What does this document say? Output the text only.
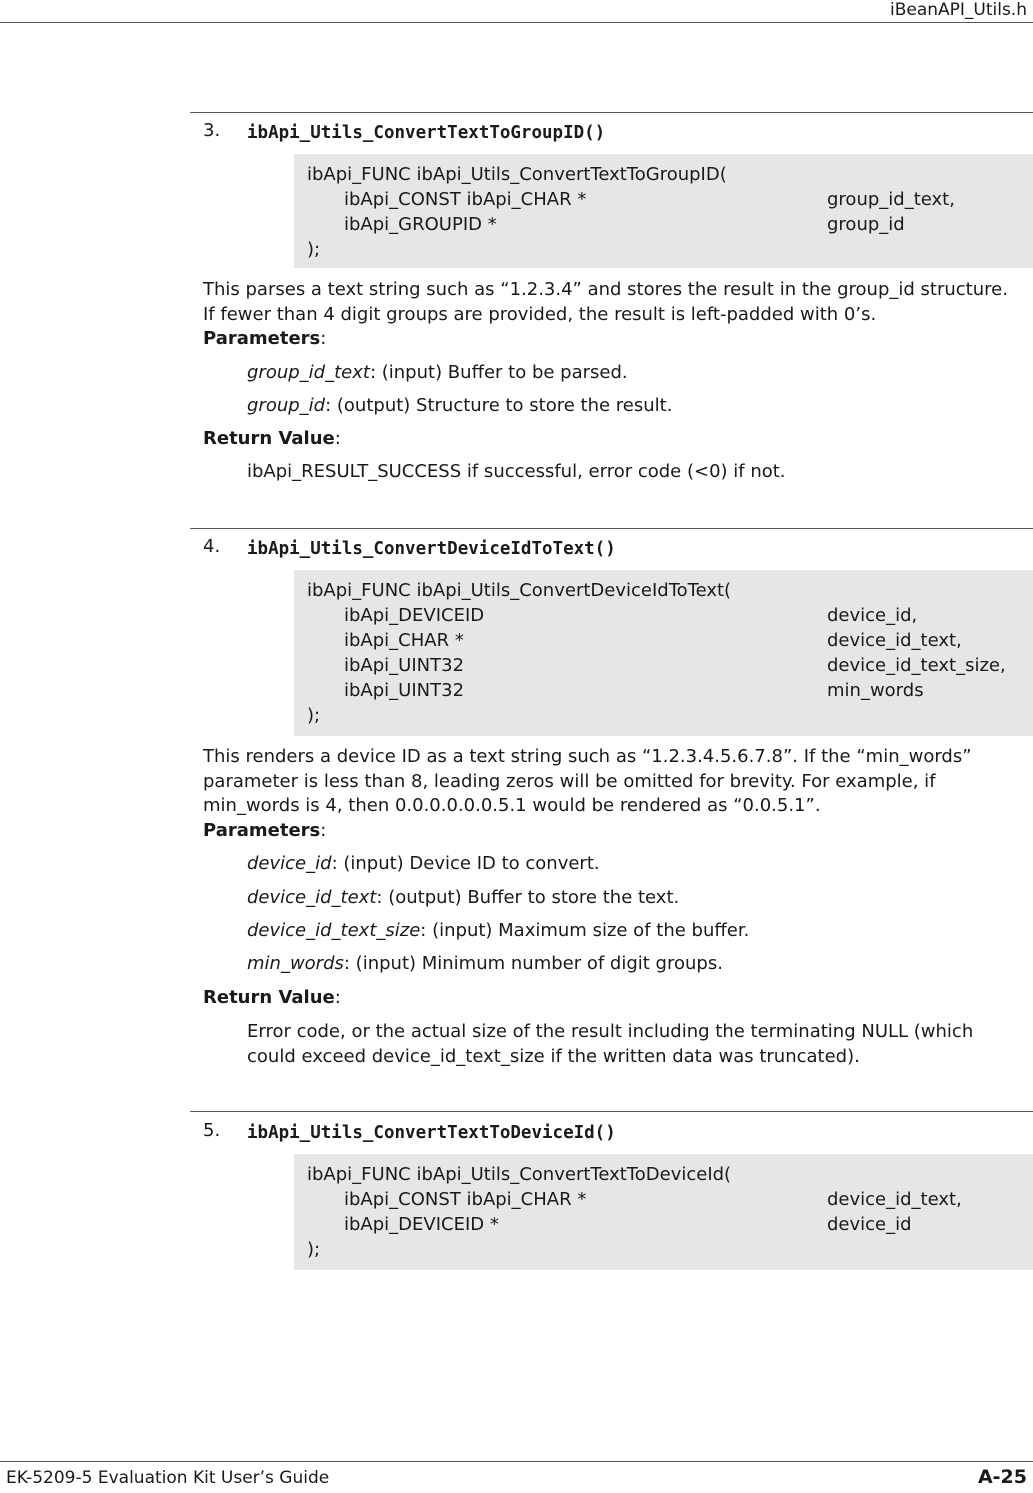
iBeanAPI_Utils.h
3. ibApi_Utils_ConvertTextToGroupID()
ibApi_FUNC ibApi_Utils_ConvertTextToGroupID(
ibApi_CONST ibApi_CHAR *	group_id_text,
ibApi_GROUPID *	group_id
);
This parses a text string such as “1.2.3.4” and stores the result in the group_id structure. If fewer than 4 digit groups are provided, the result is left-padded with 0’s.
Parameters:
group_id_text: (input) Buffer to be parsed.
group_id: (output) Structure to store the result.
Return Value:
ibApi_RESULT_SUCCESS if successful, error code (<0) if not.
4. ibApi_Utils_ConvertDeviceIdToText()
ibApi_FUNC ibApi_Utils_ConvertDeviceIdToText(
ibApi_DEVICEID	device_id,
ibApi_CHAR *	device_id_text,
ibApi_UINT32	device_id_text_size,
ibApi_UINT32	min_words
);
This renders a device ID as a text string such as “1.2.3.4.5.6.7.8”. If the “min_words” parameter is less than 8, leading zeros will be omitted for brevity. For example, if min_words is 4, then 0.0.0.0.0.0.5.1 would be rendered as “0.0.5.1”.
Parameters:
device_id: (input) Device ID to convert.
device_id_text: (output) Buffer to store the text.
device_id_text_size: (input) Maximum size of the buffer.
min_words: (input) Minimum number of digit groups.
Return Value:
Error code, or the actual size of the result including the terminating NULL (which could exceed device_id_text_size if the written data was truncated).
5. ibApi_Utils_ConvertTextToDeviceId()
ibApi_FUNC ibApi_Utils_ConvertTextToDeviceId(
ibApi_CONST ibApi_CHAR *	device_id_text,
ibApi_DEVICEID *	device_id
);
EK-5209-5 Evaluation Kit User’s Guide	A-25
